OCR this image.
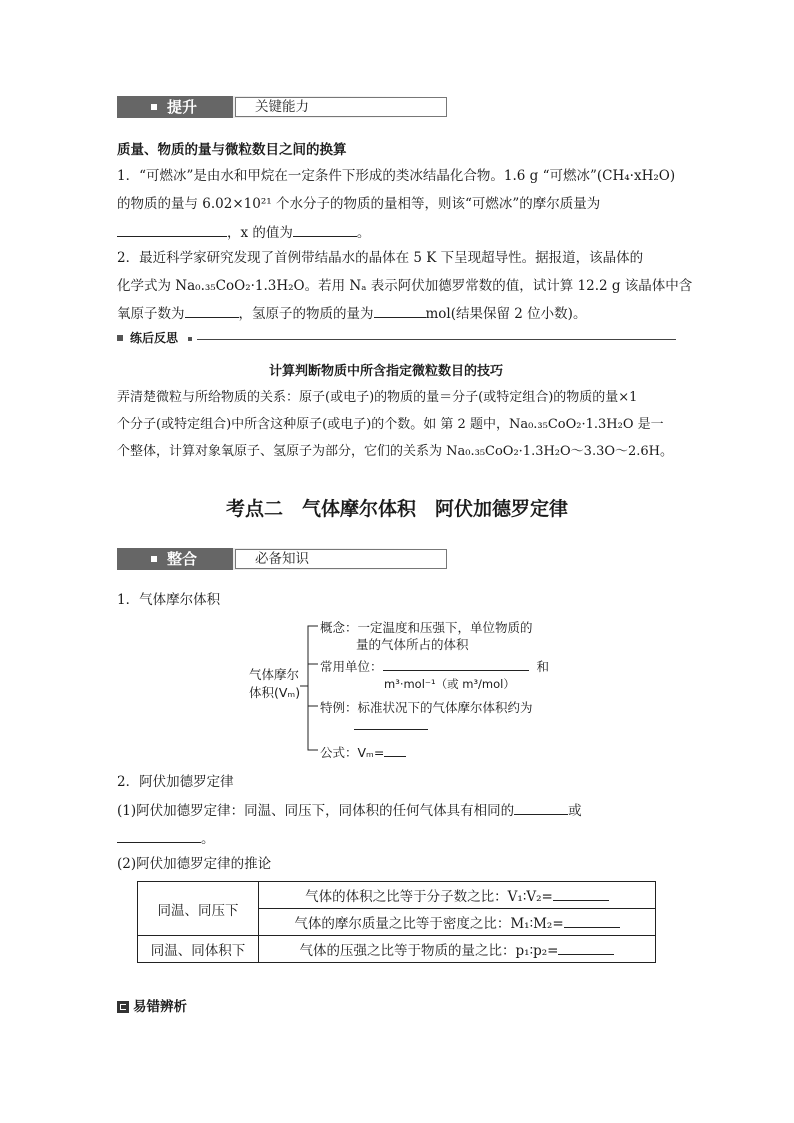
提升	关键能力
质量、物质的量与微粒数目之间的换算
1．“可燃冰”是由水和甲烷在一定条件下形成的类冰结晶化合物。1.6 g “可燃冰”(CH₄·xH₂O)
的物质的量与 6.02×10²¹ 个水分子的物质的量相等，则该“可燃冰”的摩尔质量为
，x 的值为	。
2．最近科学家研究发现了首例带结晶水的晶体在 5 K 下呈现超导性。据报道，该晶体的
化学式为 Na₀.₃₅CoO₂·1.3H₂O。若用 Nₐ 表示阿伏加德罗常数的值，试计算 12.2 g 该晶体中含
氧原子数为	，氢原子的物质的量为	mol(结果保留 2 位小数)。
练后反思
计算判断物质中所含指定微粒数目的技巧
弄清楚微粒与所给物质的关系：原子(或电子)的物质的量＝分子(或特定组合)的物质的量×1
个分子(或特定组合)中所含这种原子(或电子)的个数。如 第 2 题中，Na₀.₃₅CoO₂·1.3H₂O 是一
个整体，计算对象氧原子、氢原子为部分，它们的关系为 Na₀.₃₅CoO₂·1.3H₂O～3.3O～2.6H。
考点二　气体摩尔体积　阿伏加德罗定律
整合	必备知识
1．气体摩尔体积
气体摩尔
体积(Vₘ)
概念：一定温度和压强下，单位物质的
量的气体所占的体积
常用单位：	和
m³·mol⁻¹（或 m³/mol）
特例：标准状况下的气体摩尔体积约为
公式：Vₘ=
2．阿伏加德罗定律
(1)阿伏加德罗定律：同温、同压下，同体积的任何气体具有相同的	或
。
(2)阿伏加德罗定律的推论
同温、同压下	气体的体积之比等于分子数之比：V₁∶V₂=
	气体的摩尔质量之比等于密度之比：M₁∶M₂=
同温、同体积下	气体的压强之比等于物质的量之比：p₁∶p₂=
易错辨析
